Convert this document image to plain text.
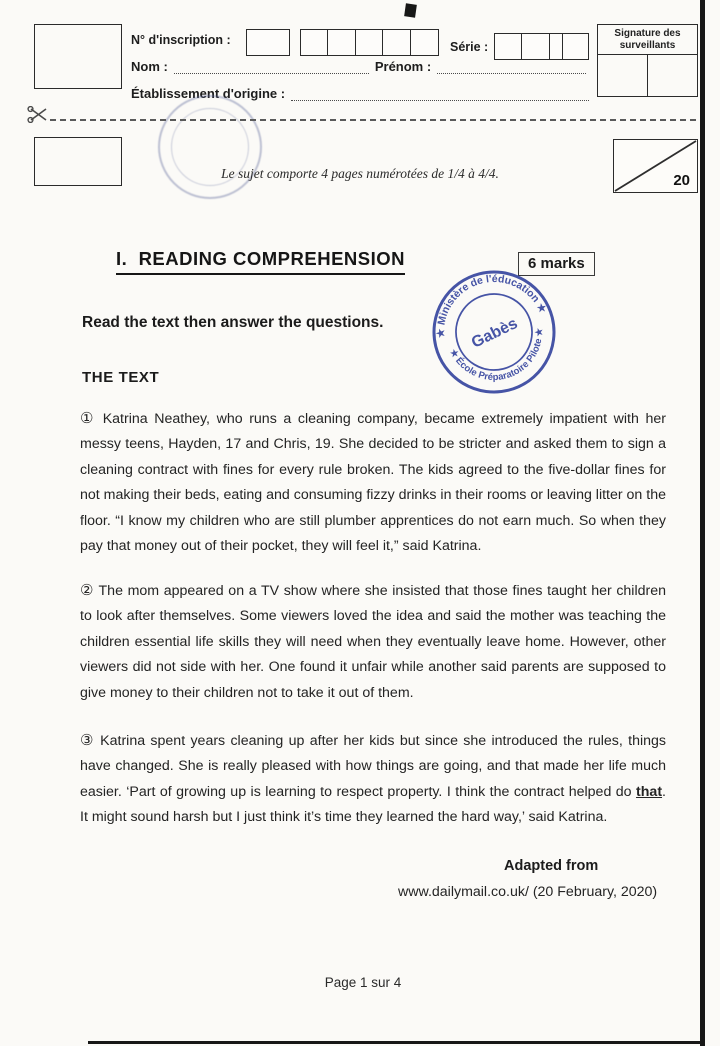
N° d'inscription :	Série :
Signature des surveillants
Nom :	Prénom :
Établissement d'origine :
Le sujet comporte 4 pages numérotées de 1/4 à 4/4.	20
I. READING COMPREHENSION	6 marks
★ Ministère de l'éducation ★
★ École Préparatoire Pilote ★
Gabès
Read the text then answer the questions.
THE TEXT
① Katrina Neathey, who runs a cleaning company, became extremely impatient with her messy teens, Hayden, 17 and Chris, 19. She decided to be stricter and asked them to sign a cleaning contract with fines for every rule broken. The kids agreed to the five-dollar fines for not making their beds, eating and consuming fizzy drinks in their rooms or leaving litter on the floor. “I know my children who are still plumber apprentices do not earn much. So when they pay that money out of their pocket, they will feel it,” said Katrina.
② The mom appeared on a TV show where she insisted that those fines taught her children to look after themselves. Some viewers loved the idea and said the mother was teaching the children essential life skills they will need when they eventually leave home. However, other viewers did not side with her. One found it unfair while another said parents are supposed to give money to their children not to take it out of them.
③ Katrina spent years cleaning up after her kids but since she introduced the rules, things have changed. She is really pleased with how things are going, and that made her life much easier. ‘Part of growing up is learning to respect property. I think the contract helped do that. It might sound harsh but I just think it’s time they learned the hard way,’ said Katrina.
Adapted from
www.dailymail.co.uk/ (20 February, 2020)
Page 1 sur 4
